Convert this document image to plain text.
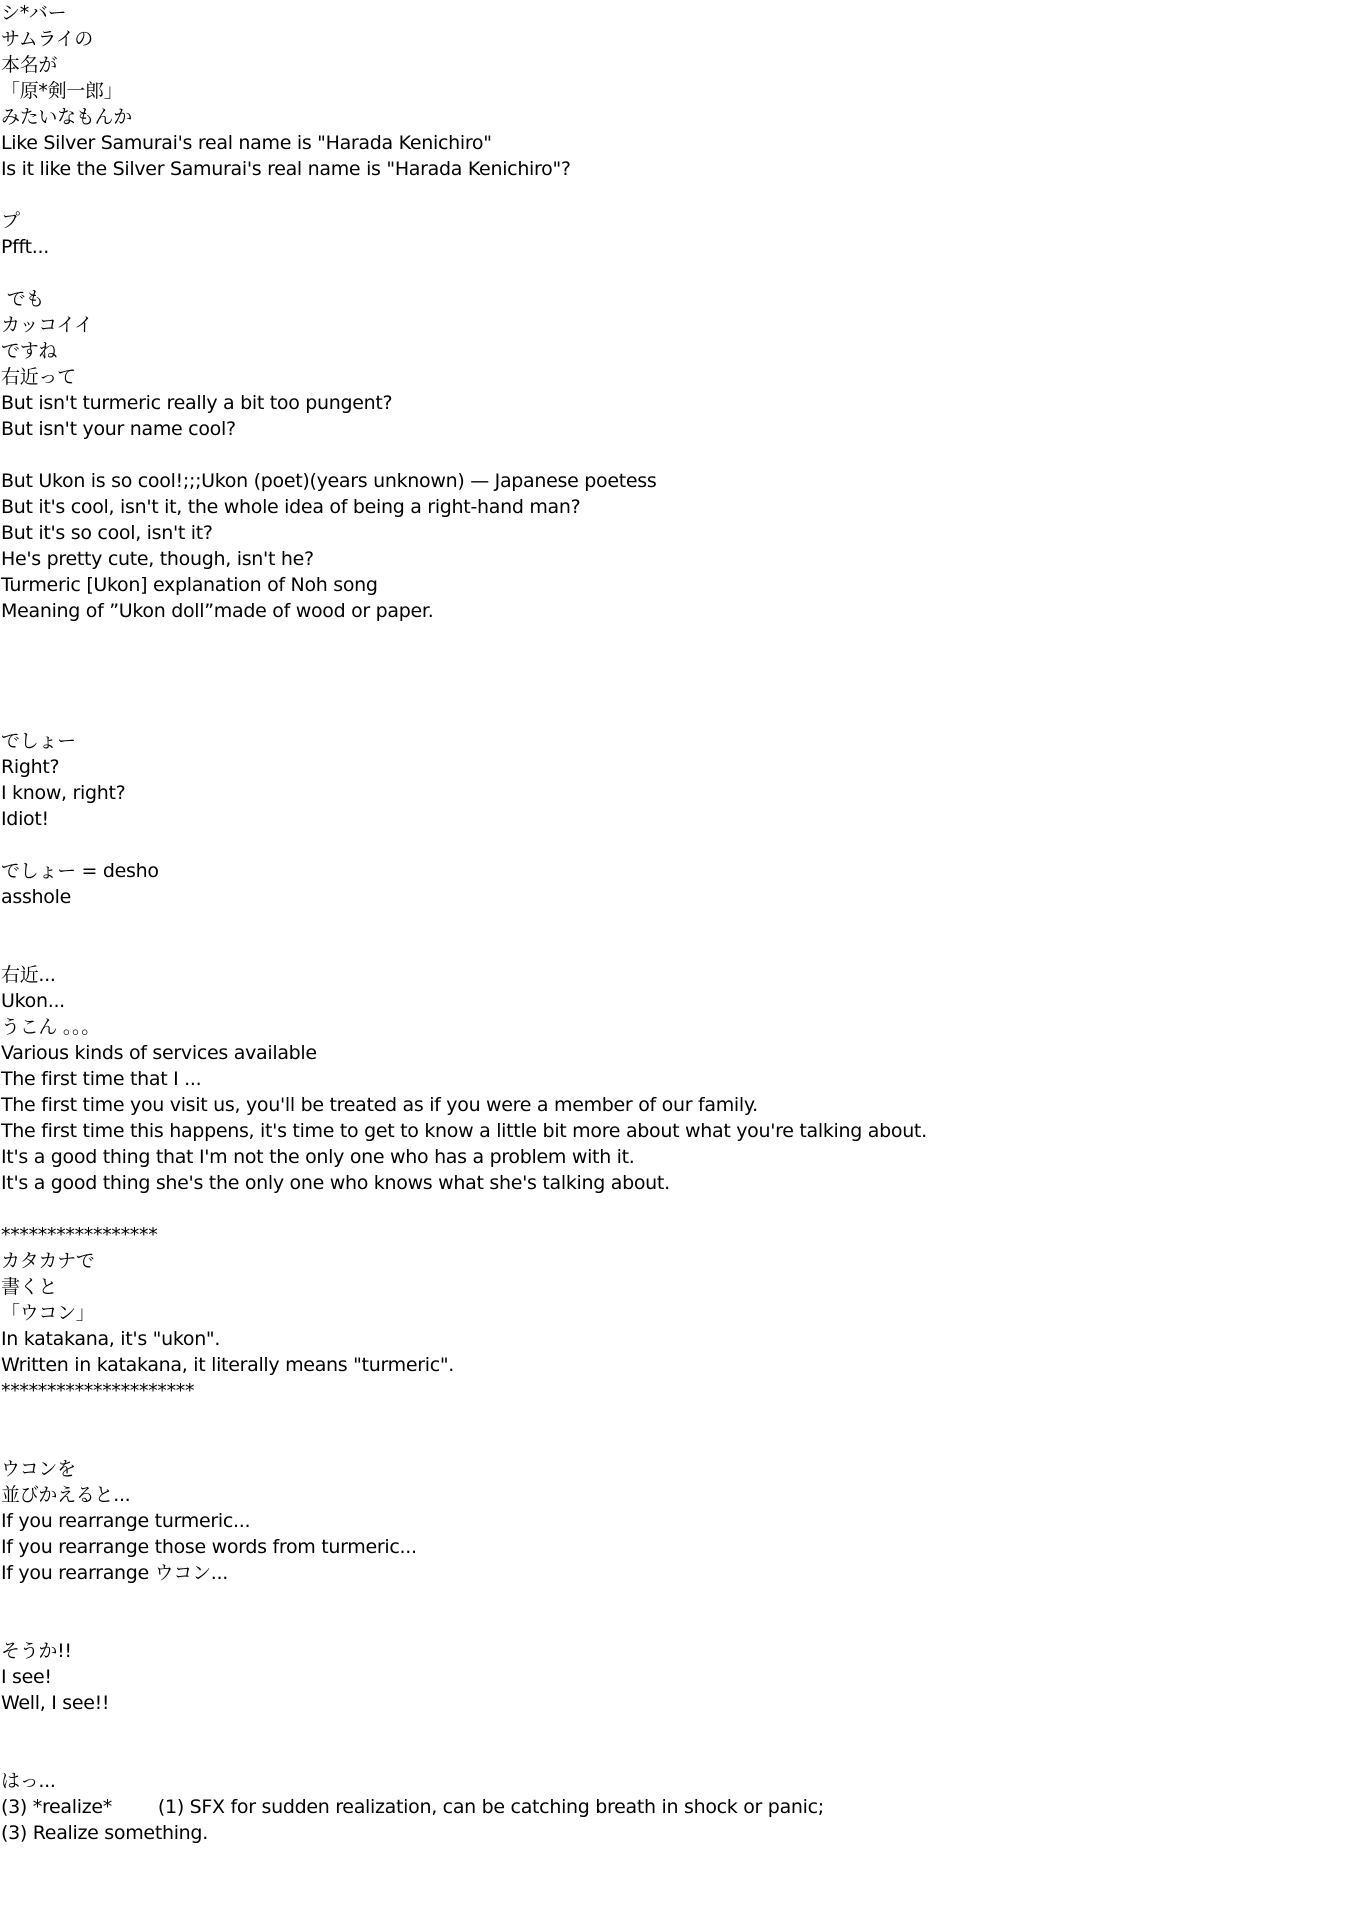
シ*バー
サムライの
本名が
「原*剣一郎」
みたいなもんか
Like Silver Samurai's real name is "Harada Kenichiro"
Is it like the Silver Samurai's real name is "Harada Kenichiro"?
プ
Pfft...
でも
カッコイイ
ですね
右近って
But isn't turmeric really a bit too pungent?
But isn't your name cool?
But Ukon is so cool!;;;Ukon (poet)(years unknown) — Japanese poetess
But it's cool, isn't it, the whole idea of being a right-hand man?
But it's so cool, isn't it?
He's pretty cute, though, isn't he?
Turmeric [Ukon] explanation of Noh song
Meaning of ”Ukon doll”made of wood or paper.
でしょー
Right?
I know, right?
Idiot!
でしょー = desho
asshole
右近...
Ukon...
うこん 。。。
Various kinds of services available
The first time that I ...
The first time you visit us, you'll be treated as if you were a member of our family.
The first time this happens, it's time to get to know a little bit more about what you're talking about.
It's a good thing that I'm not the only one who has a problem with it.
It's a good thing she's the only one who knows what she's talking about.
*****************
カタカナで
書くと
「ウコン」
In katakana, it's "ukon".
Written in katakana, it literally means "turmeric".
*********************
ウコンを
並びかえると...
If you rearrange turmeric...
If you rearrange those words from turmeric...
If you rearrange ウコン...
そうか!!
I see!
Well, I see!!
はっ...
(3) *realize*        (1) SFX for sudden realization, can be catching breath in shock or panic;
(3) Realize something.
